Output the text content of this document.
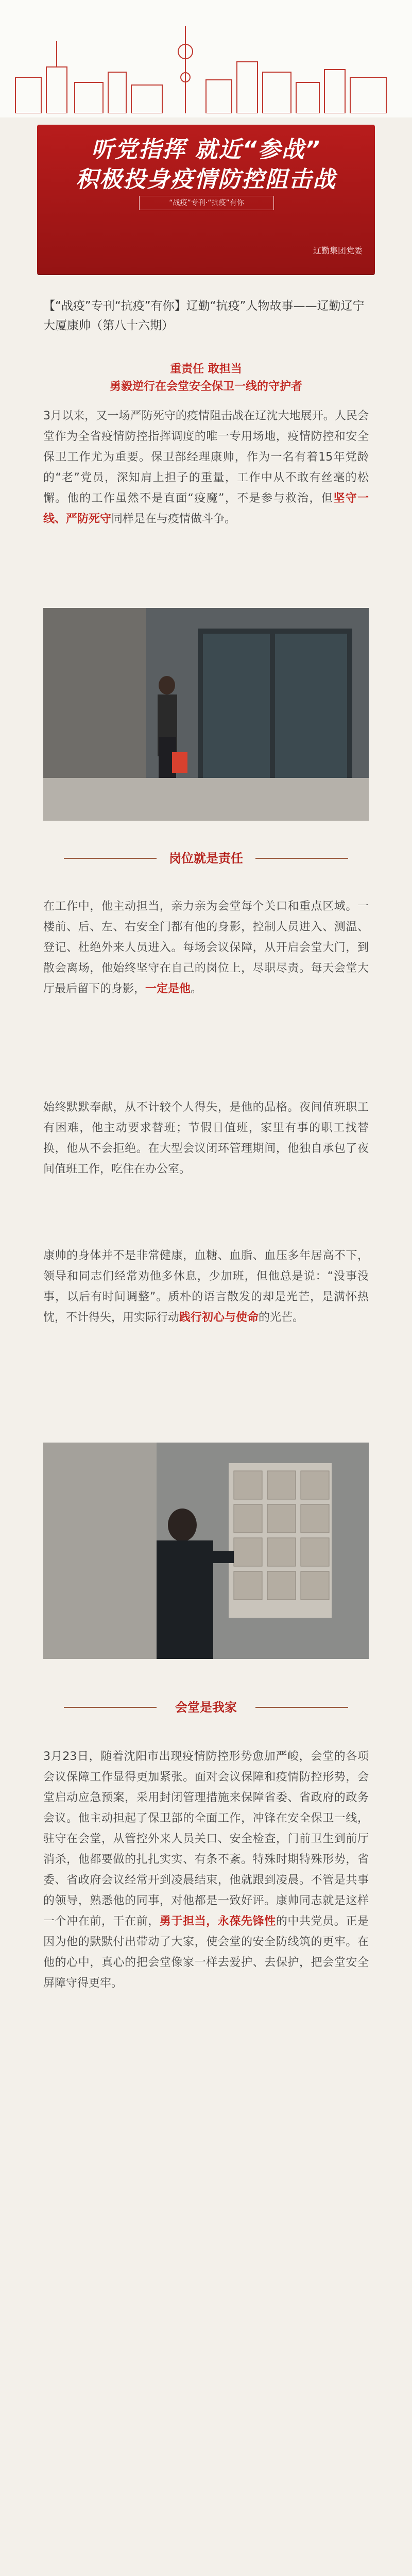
听党指挥 就近“参战”
积极投身疫情防控阻击战
“战疫”专刊·“抗疫”有你
辽勤集团党委
【“战疫”专刊“抗疫”有你】辽勤“抗疫”人物故事——辽勤辽宁大厦康帅（第八十六期）
重责任 敢担当
勇毅逆行在会堂安全保卫一线的守护者
3月以来，又一场严防死守的疫情阻击战在辽沈大地展开。人民会堂作为全省疫情防控指挥调度的唯一专用场地，疫情防控和安全保卫工作尤为重要。保卫部经理康帅，作为一名有着15年党龄的“老”党员，深知肩上担子的重量，工作中从不敢有丝毫的松懈。他的工作虽然不是直面“疫魔”，不是参与救治，但坚守一线、严防死守同样是在与疫情做斗争。
岗位就是责任
在工作中，他主动担当，亲力亲为会堂每个关口和重点区域。一楼前、后、左、右安全门都有他的身影，控制人员进入、测温、登记、杜绝外来人员进入。每场会议保障，从开启会堂大门，到散会离场，他始终坚守在自己的岗位上，尽职尽责。每天会堂大厅最后留下的身影，一定是他。
始终默默奉献，从不计较个人得失，是他的品格。夜间值班职工有困难，他主动要求替班；节假日值班，家里有事的职工找替换，他从不会拒绝。在大型会议闭环管理期间，他独自承包了夜间值班工作，吃住在办公室。
康帅的身体并不是非常健康，血糖、血脂、血压多年居高不下，领导和同志们经常劝他多休息，少加班，但他总是说：“没事没事，以后有时间调整”。质朴的语言散发的却是光芒，是满怀热忱，不计得失，用实际行动践行初心与使命的光芒。
会堂是我家
3月23日，随着沈阳市出现疫情防控形势愈加严峻，会堂的各项会议保障工作显得更加紧张。面对会议保障和疫情防控形势，会堂启动应急预案，采用封闭管理措施来保障省委、省政府的政务会议。他主动担起了保卫部的全面工作，冲锋在安全保卫一线，驻守在会堂，从管控外来人员关口、安全检查，门前卫生到前厅消杀，他都要做的扎扎实实、有条不紊。特殊时期特殊形势，省委、省政府会议经常开到凌晨结束，他就跟到凌晨。不管是共事的领导，熟悉他的同事，对他都是一致好评。康帅同志就是这样一个冲在前，干在前，勇于担当，永葆先锋性的中共党员。正是因为他的默默付出带动了大家，使会堂的安全防线筑的更牢。在他的心中，真心的把会堂像家一样去爱护、去保护，把会堂安全屏障守得更牢。
